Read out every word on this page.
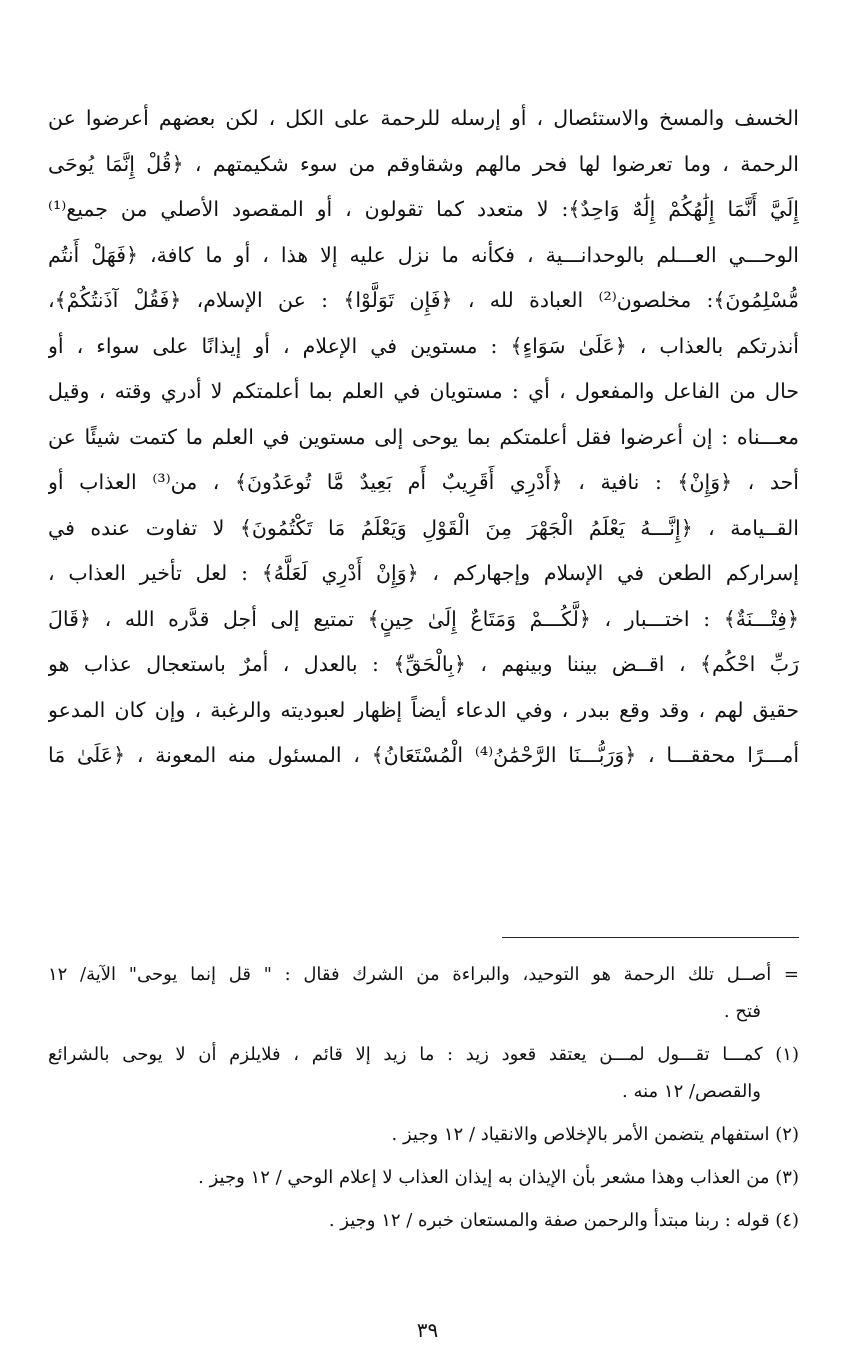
الخسف والمسخ والاستئصال ، أو إرسله للرحمة على الكل ، لكن بعضهم أعرضوا عن
الرحمة ، وما تعرضوا لها فحر مالهم وشقاوقم من سوء شكيمتهم ، ﴿قُلْ إِنَّمَا يُوحَى
إِلَيَّ أَنَّمَا إِلَٰهُكُمْ إِلَٰهٌ وَاحِدٌ﴾: لا متعدد كما تقولون ، أو المقصود الأصلي من جميع⁽¹⁾
الوحـــي العـــلم بالوحدانـــية ، فكأنه ما نزل عليه إلا هذا ، أو ما كافة، ﴿فَهَلْ أَنتُم
مُّسْلِمُونَ﴾: مخلصون⁽²⁾ العبادة لله ، ﴿فَإِن تَوَلَّوْا﴾ : عن الإسلام، ﴿فَقُلْ آذَنتُكُمْ﴾،
أنذرتكم بالعذاب ، ﴿عَلَىٰ سَوَاءٍ﴾ : مستوين في الإعلام ، أو إيذانًا على سواء ، أو
حال من الفاعل والمفعول ، أي : مستويان في العلم بما أعلمتكم لا أدري وقته ، وقيل
معـــناه : إن أعرضوا فقل أعلمتكم بما يوحى إلى مستوين في العلم ما كتمت شيئًا عن
أحد ، ﴿وَإِنْ﴾ : نافية ، ﴿أَدْرِي أَقَرِيبٌ أَم بَعِيدٌ مَّا تُوعَدُونَ﴾ ، من⁽³⁾ العذاب أو
القــيامة ، ﴿إِنَّـــهُ يَعْلَمُ الْجَهْرَ مِنَ الْقَوْلِ وَيَعْلَمُ مَا تَكْتُمُونَ﴾ لا تفاوت عنده في
إسراركم الطعن في الإسلام وإجهاركم ، ﴿وَإِنْ أَدْرِي لَعَلَّهُ﴾ : لعل تأخير العذاب ،
﴿فِتْـــنَةٌ﴾ : اختـــبار ، ﴿لَّكُـــمْ وَمَتَاعٌ إِلَىٰ حِينٍ﴾ تمتيع إلى أجل قدَّره الله ، ﴿قَالَ
رَبِّ احْكُم﴾ ، اقــض بيننا وبينهم ، ﴿بِالْحَقِّ﴾ : بالعدل ، أمرٌ باستعجال عذاب هو
حقيق لهم ، وقد وقع ببدر ، وفي الدعاء أيضاً إظهار لعبوديته والرغبة ، وإن كان المدعو
أمـــرًا محققـــا ، ﴿وَرَبُّـــنَا الرَّحْمَٰنُ⁽⁴⁾ الْمُسْتَعَانُ﴾ ، المسئول منه المعونة ، ﴿عَلَىٰ مَا
= أصــل تلك الرحمة هو التوحيد، والبراءة من الشرك فقال : " قل إنما يوحى" الآية/ ١٢
فتح .
(١) كمـــا تقـــول لمـــن يعتقد قعود زيد : ما زيد إلا قائم ، فلايلزم أن لا يوحى بالشرائع
والقصص/ ١٢ منه .
(٢) استفهام يتضمن الأمر بالإخلاص والانقياد / ١٢ وجيز .
(٣) من العذاب وهذا مشعر بأن الإيذان به إيذان العذاب لا إعلام الوحي / ١٢ وجيز .
(٤) قوله : ربنا مبتدأ والرحمن صفة والمستعان خبره / ١٢ وجيز .
٣٩
